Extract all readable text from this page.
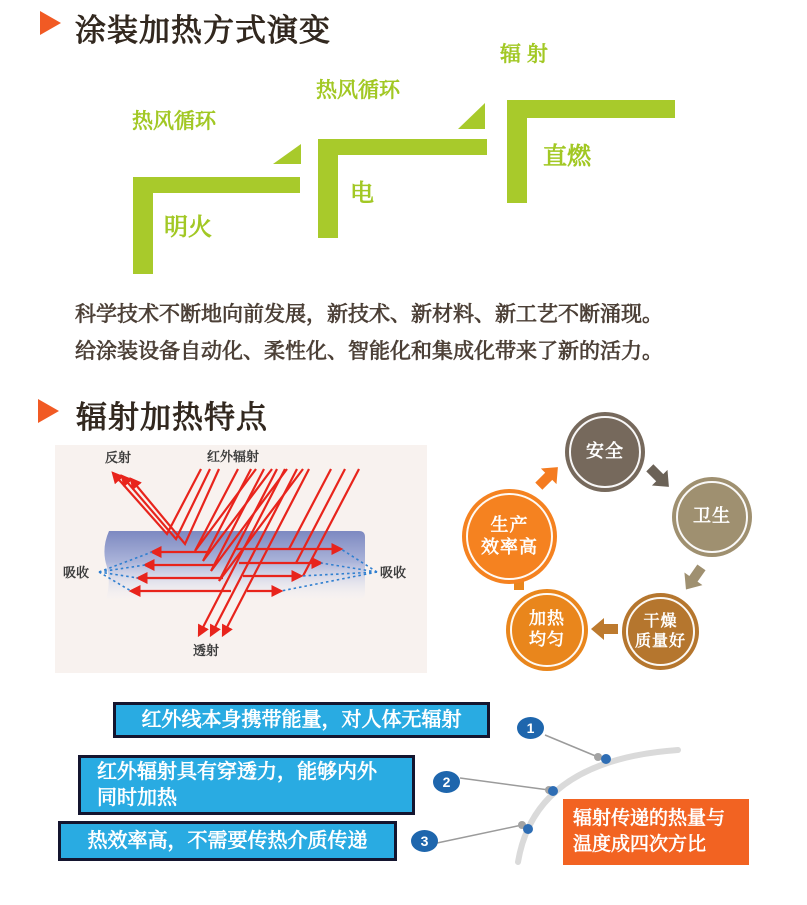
涂装加热方式演变
热风循环
明火
热风循环
电
辐 射
直燃
科学技术不断地向前发展，新技术、新材料、新工艺不断涌现。
给涂装设备自动化、柔性化、智能化和集成化带来了新的活力。
辐射加热特点
反射	红外辐射
吸收	吸收
透射
安全
卫生
干燥
质量好
加热
均匀
生产
效率高
红外线本身携带能量，对人体无辐射
红外辐射具有穿透力，能够内外
同时加热
热效率高，不需要传热介质传递
1
2
3
辐射传递的热量与
温度成四次方比
